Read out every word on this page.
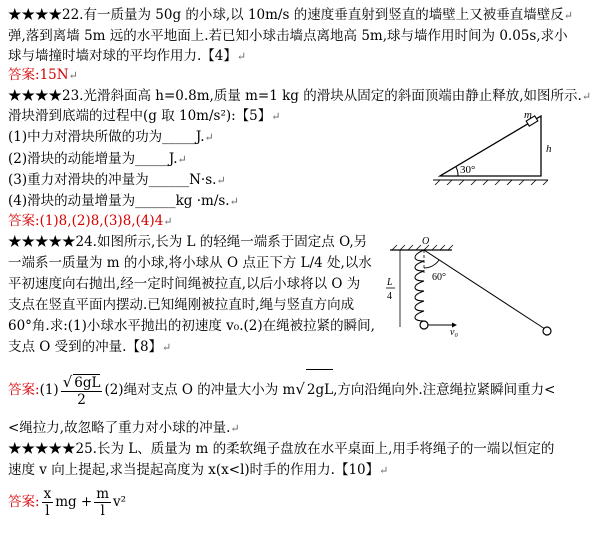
★★★★22.有一质量为 50g 的小球,以 10m/s 的速度垂直射到竖直的墙壁上又被垂直墙壁反↵
弹,落到离墙 5m 远的水平地面上.若已知小球击墙点离地高 5m,球与墙作用时间为 0.05s,求小
球与墙撞时墙对球的平均作用力.【4】↵
答案:15N↵
★★★★23.光滑斜面高 h=0.8m,质量 m=1 kg 的滑块从固定的斜面顶端由静止释放,如图所示.↵
滑块滑到底端的过程中(g 取 10m/s²):【5】↵
(1)中力对滑块所做的功为_____J.↵
(2)滑块的动能增量为_____J.↵
(3)重力对滑块的冲量为______N·s.↵
(4)滑块的动量增量为______kg ·m/s.↵
答案:(1)8,(2)8,(3)8,(4)4↵
m
h
30°
★★★★★24.如图所示,长为 L 的轻绳一端系于固定点 O,另
一端系一质量为 m 的小球,将小球从 O 点正下方 L/4 处,以水
平初速度向右抛出,经一定时间绳被拉直,以后小球将以 O 为
支点在竖直平面内摆动.已知绳刚被拉直时,绳与竖直方向成
60°角.求:(1)小球水平抛出的初速度 v₀.(2)在绳被拉紧的瞬间,
支点 O 受到的冲量.【8】↵
O
60°
L
4
v₀
答案:(1) $\frac{√ 6gL}{2} (2)$绳对支点 O 的冲量大小为 m√ 2gL,方向沿绳向外.注意绳拉紧瞬间重力<
<绳拉力,故忽略了重力对小球的冲量.↵
★★★★★25.长为 L、质量为 m 的柔软绳子盘放在水平桌面上,用手将绳子的一端以恒定的
速度 v 向上提起,求当提起高度为 x(x<l)时手的作用力.【10】↵
答案: $\frac{x}{l}$ mg + $\frac{m}{l} v^2$
